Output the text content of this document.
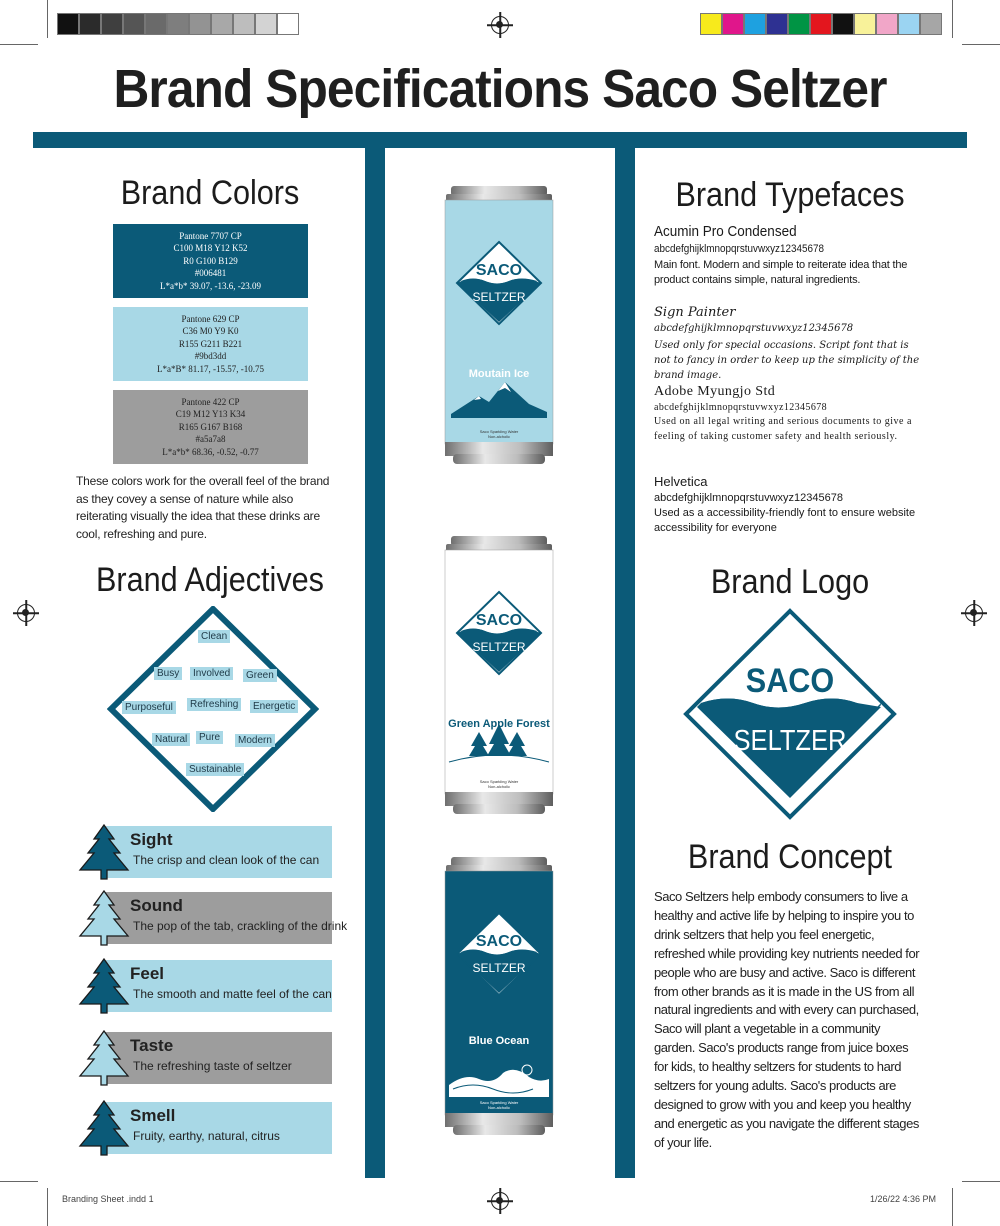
Brand Specifications Saco Seltzer
Brand Colors
Pantone 7707 CP
C100 M18 Y12 K52
R0 G100 B129
#006481
L*a*b* 39.07, -13.6, -23.09
Pantone 629 CP
C36 M0 Y9 K0
R155 G211 B221
#9bd3dd
L*a*B* 81.17, -15.57, -10.75
Pantone 422 CP
C19 M12 Y13 K34
R165 G167 B168
#a5a7a8
L*a*b* 68.36, -0.52, -0.77
These colors work for the overall feel of the brand as they covey a sense of nature while also reiterating visually the idea that these drinks are cool, refreshing and pure.
Brand Adjectives
Clean
Busy	Involved	Green
Purposeful	Refreshing	Energetic
Natural	Pure	Modern
Sustainable
Sight
The crisp and clean look of the can
Sound
The pop of the tab, crackling of the drink
Feel
The smooth and matte feel of the can
Taste
The refreshing taste of seltzer
Smell
Fruity, earthy, natural, citrus
SACO
SELTZER
Moutain Ice
Saco Sparkling Water
Non-alcholic
SACO
SELTZER
Green Apple Forest
Saco Sparkling Water
Non-alcholic
SACO
SELTZER
Blue Ocean
Saco Sparkling Water
Non-alcholic
Brand Typefaces
Acumin Pro Condensed
abcdefghijklmnopqrstuvwxyz12345678
Main font. Modern and simple to reiterate idea that the product contains simple, natural ingredients.
Sign Painter
abcdefghijklmnopqrstuvwxyz12345678
Used only for special occasions. Script font that is not to fancy in order to keep up the simplicity of the brand image.
Adobe Myungjo Std
abcdefghijklmnopqrstuvwxyz12345678
Used on all legal writing and serious documents to give a feeling of taking customer safety and health seriously.
Helvetica
abcdefghijklmnopqrstuvwxyz12345678
Used as a accessibility-friendly font to ensure website accessibility for everyone
Brand Logo
SACO
SELTZER
Brand Concept
Saco Seltzers help embody consumers to live a healthy and active life by helping to inspire you to drink seltzers that help you feel energetic, refreshed while providing key nutrients needed for people who are busy and active. Saco is different from other brands as it is made in the US from all natural ingredients and with every can purchased, Saco will plant a vegetable in a community garden. Saco's products range from juice boxes for kids, to healthy seltzers for students to hard seltzers for young adults. Saco's products are designed to grow with you and keep you healthy and energetic as you navigate the different stages of your life.
Branding Sheet .indd 1	1/26/22 4:36 PM
